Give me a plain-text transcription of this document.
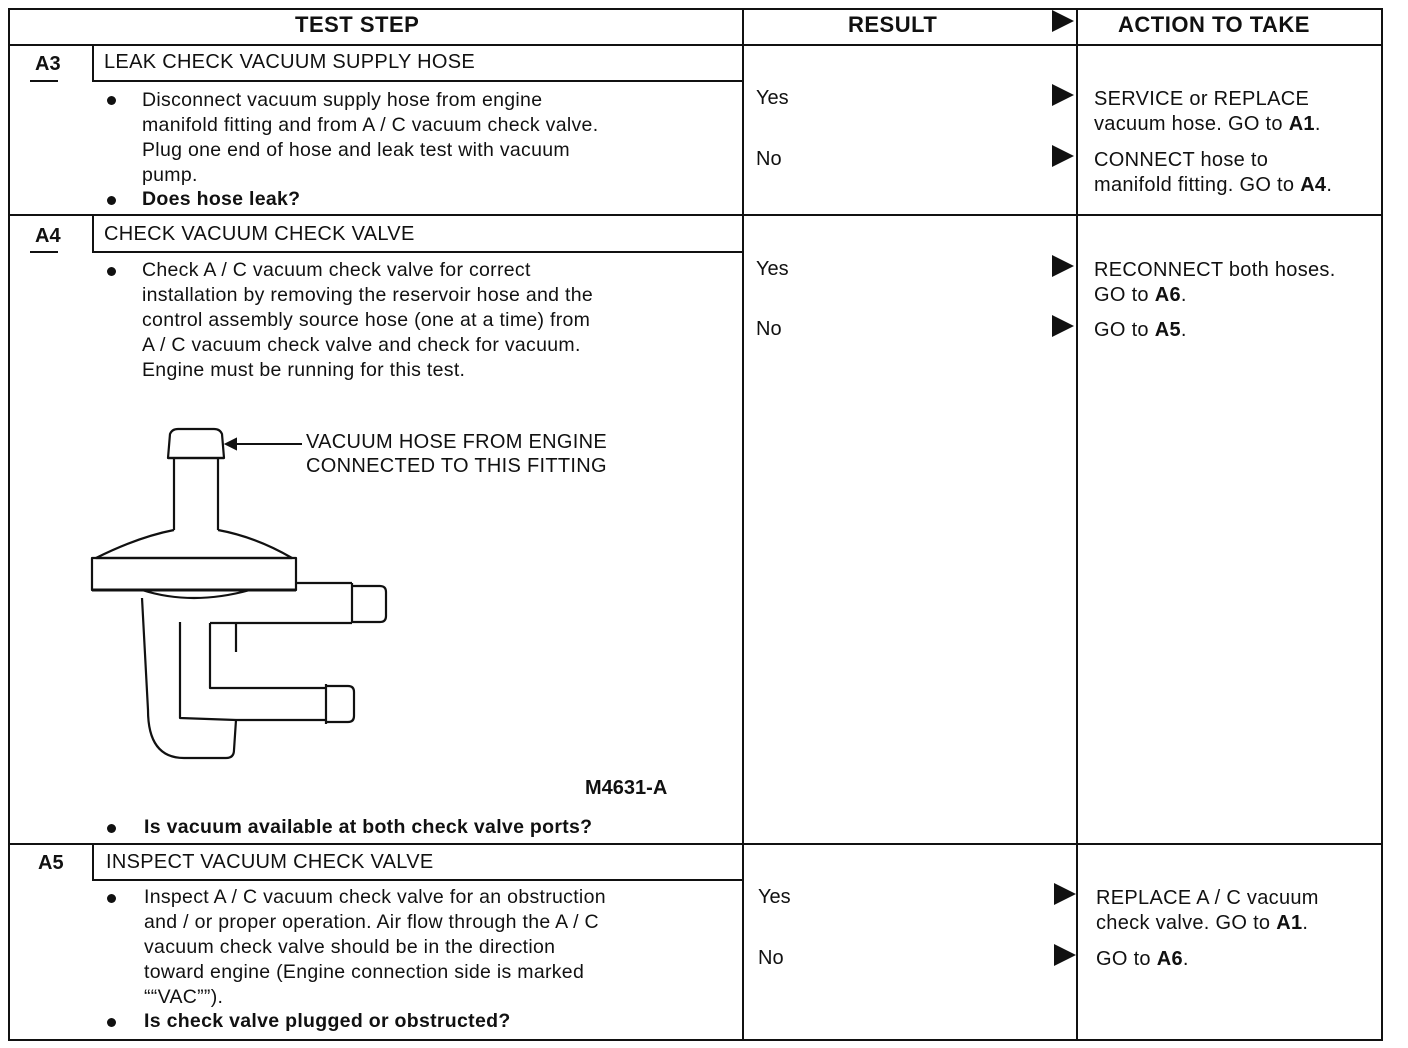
TEST STEP	RESULT	ACTION TO TAKE
A3 LEAK CHECK VACUUM SUPPLY HOSE
Disconnect vacuum supply hose from engine
manifold fitting and from A / C vacuum check valve.
Plug one end of hose and leak test with vacuum
pump.
Does hose leak?
Yes	SERVICE or REPLACE
vacuum hose. GO to A1.
No	CONNECT hose to
manifold fitting. GO to A4.
A4 CHECK VACUUM CHECK VALVE
Check A / C vacuum check valve for correct
installation by removing the reservoir hose and the
control assembly source hose (one at a time) from
A / C vacuum check valve and check for vacuum.
Engine must be running for this test.
VACUUM HOSE FROM ENGINE
CONNECTED TO THIS FITTING
M4631-A
Is vacuum available at both check valve ports?
Yes	RECONNECT both hoses.
GO to A6.
No	GO to A5.
A5 INSPECT VACUUM CHECK VALVE
Inspect A / C vacuum check valve for an obstruction
and / or proper operation. Air flow through the A / C
vacuum check valve should be in the direction
toward engine (Engine connection side is marked
““VAC””).
Is check valve plugged or obstructed?
Yes	REPLACE A / C vacuum
check valve. GO to A1.
No	GO to A6.
